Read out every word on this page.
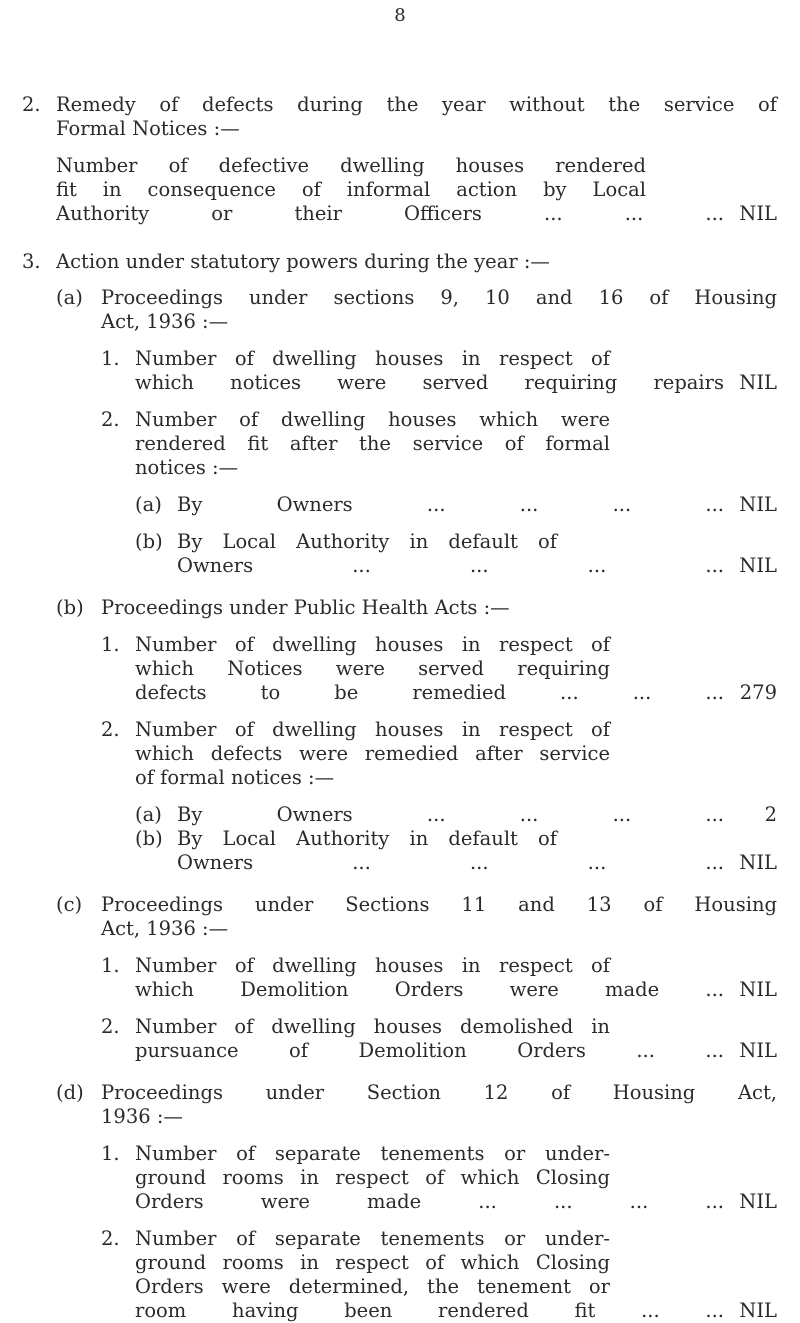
8
2. Remedy of defects during the year without the service of
Formal Notices :—
Number of defective dwelling houses rendered
fit in consequence of informal action by Local
Authority or their Officers ... ... ... NIL
3. Action under statutory powers during the year :—
(a) Proceedings under sections 9, 10 and 16 of Housing
Act, 1936 :—
1. Number of dwelling houses in respect of
which notices were served requiring repairs NIL
2. Number of dwelling houses which were
rendered fit after the service of formal
notices :—
(a) By Owners ... ... ... ... NIL
(b) By Local Authority in default of
Owners ... ... ... ... NIL
(b) Proceedings under Public Health Acts :—
1. Number of dwelling houses in respect of
which Notices were served requiring
defects to be remedied ... ... ... 279
2. Number of dwelling houses in respect of
which defects were remedied after service
of formal notices :—
(a) By Owners ... ... ... ...	2
(b) By Local Authority in default of
Owners ... ... ... ... NIL
(c) Proceedings under Sections 11 and 13 of Housing
Act, 1936 :—
1. Number of dwelling houses in respect of
which Demolition Orders were made ... NIL
2. Number of dwelling houses demolished in
pursuance of Demolition Orders ... ... NIL
(d) Proceedings under Section 12 of Housing Act,
1936 :—
1. Number of separate tenements or under-
ground rooms in respect of which Closing
Orders were made ... ... ... ... NIL
2. Number of separate tenements or under-
ground rooms in respect of which Closing
Orders were determined, the tenement or
room having been rendered fit ... ... NIL
